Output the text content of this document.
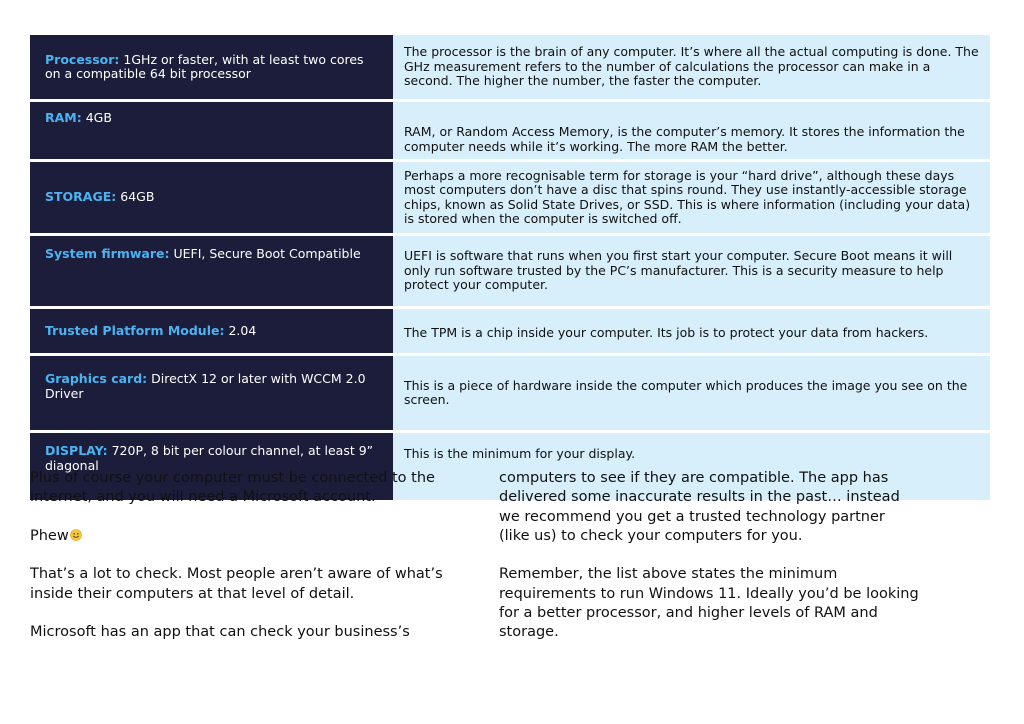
Processor: 1GHz or faster, with at least two cores on a compatible 64 bit processor	The processor is the brain of any computer. It’s where all the actual computing is done. The GHz measurement refers to the number of calculations the processor can make in a second. The higher the number, the faster the computer.
RAM: 4GB	RAM, or Random Access Memory, is the computer’s memory. It stores the information the computer needs while it’s working. The more RAM the better.
STORAGE: 64GB	Perhaps a more recognisable term for storage is your “hard drive”, although these days most computers don’t have a disc that spins round. They use instantly-accessible storage chips, known as Solid State Drives, or SSD. This is where information (including your data) is stored when the computer is switched off.
System firmware: UEFI, Secure Boot Compatible	UEFI is software that runs when you first start your computer. Secure Boot means it will only run software trusted by the PC’s manufacturer. This is a security measure to help protect your computer.
Trusted Platform Module: 2.04	The TPM is a chip inside your computer. Its job is to protect your data from hackers.
Graphics card: DirectX 12 or later with WCCM 2.0 Driver	This is a piece of hardware inside the computer which produces the image you see on the screen.
DISPLAY: 720P, 8 bit per colour channel, at least 9” diagonal	This is the minimum for your display.

Plus of course your computer must be connected to the internet, and you will need a Microsoft account.

Phew

That’s a lot to check. Most people aren’t aware of what’s inside their computers at that level of detail.

Microsoft has an app that can check your business’s

computers to see if they are compatible. The app has delivered some inaccurate results in the past… instead we recommend you get a trusted technology partner (like us) to check your computers for you.

Remember, the list above states the minimum requirements to run Windows 11. Ideally you’d be looking for a better processor, and higher levels of RAM and storage.
